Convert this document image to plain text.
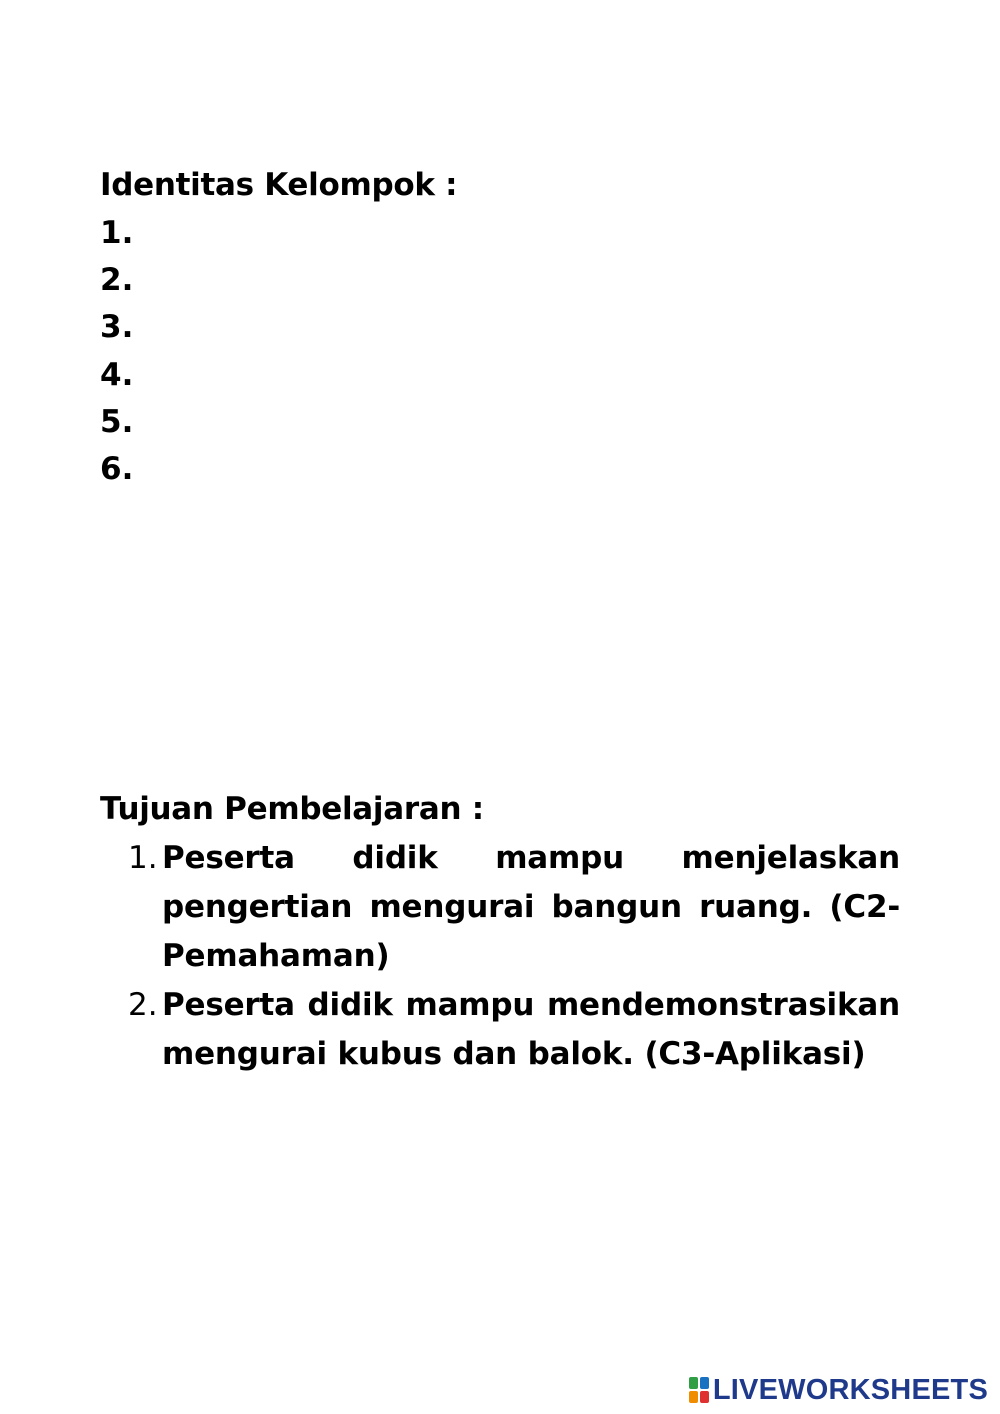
Identitas Kelompok :
1.
2.
3.
4.
5.
6.
Tujuan Pembelajaran :
1. Peserta didik mampu menjelaskan pengertian mengurai bangun ruang. (C2-Pemahaman)
2. Peserta didik mampu mendemonstrasikan mengurai kubus dan balok. (C3-Aplikasi)
LIVEWORKSHEETS
